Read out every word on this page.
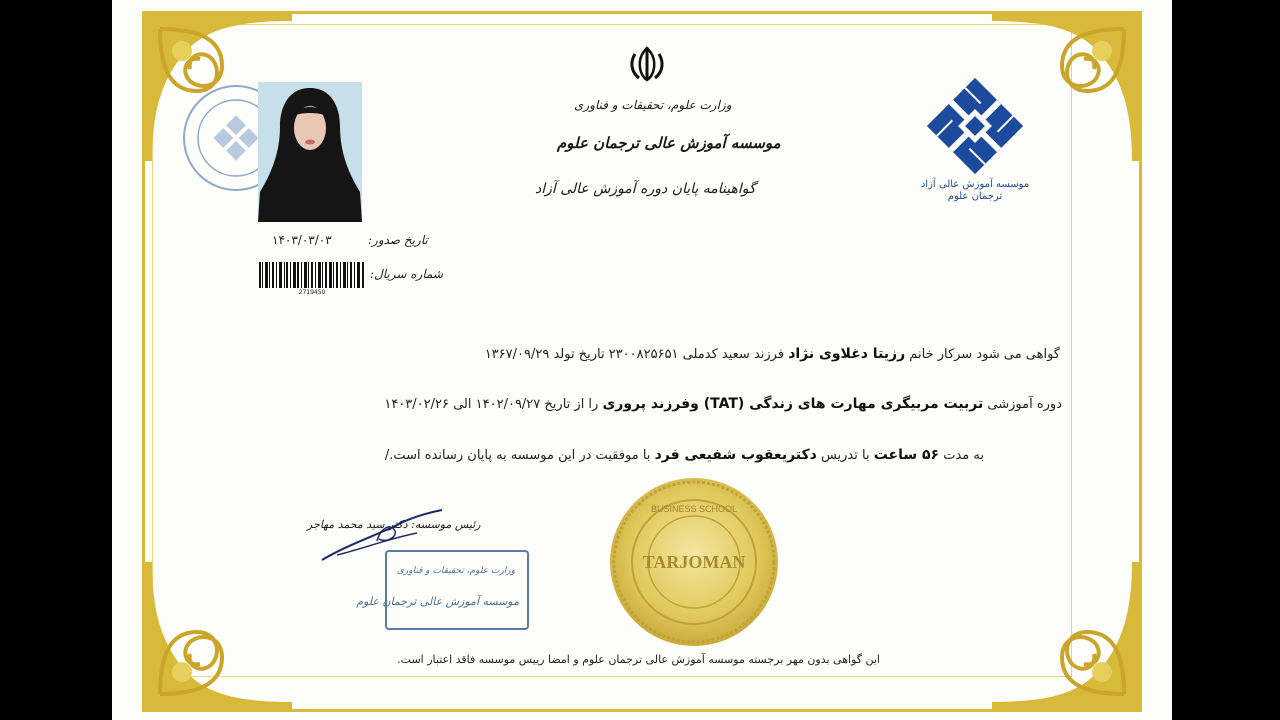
وزارت علوم، تحقیقات و فناوری
موسسه آموزش عالی ترجمان علوم
گواهینامه پایان دوره آموزش عالی آزاد	موسسه آموزش عالی آزاد
ترجمان علوم
تاریخ صدور:
۱۴۰۳/۰۳/۰۳
شماره سریال:
2719450
گواهی می شود سرکار خانم رزیتا دغلاوی نژاد فرزند سعید کدملی ۲۳۰۰۸۲۵۶۵۱ تاریخ تولد ۱۳۶۷/۰۹/۲۹
دوره آموزشی تربیت مربیگری مهارت های زندگی (TAT) وفرزند پروری را از تاریخ ۱۴۰۲/۰۹/۲۷ الی ۱۴۰۳/۰۲/۲۶
به مدت ۵۶ ساعت با تدریس دکتریعقوب شفیعی فرد با موفقیت در این موسسه به پایان رسانده است./
رئیس موسسه: دکتر سید محمد مهاجر
وزارت علوم، تحقیقات و فناوری
موسسه آموزش عالی ترجمان علوم
BUSINESS SCHOOL
TARJOMAN
این گواهی بدون مهر برجسته موسسه آموزش عالی ترجمان علوم و امضا رییس موسسه فاقد اعتبار است.
